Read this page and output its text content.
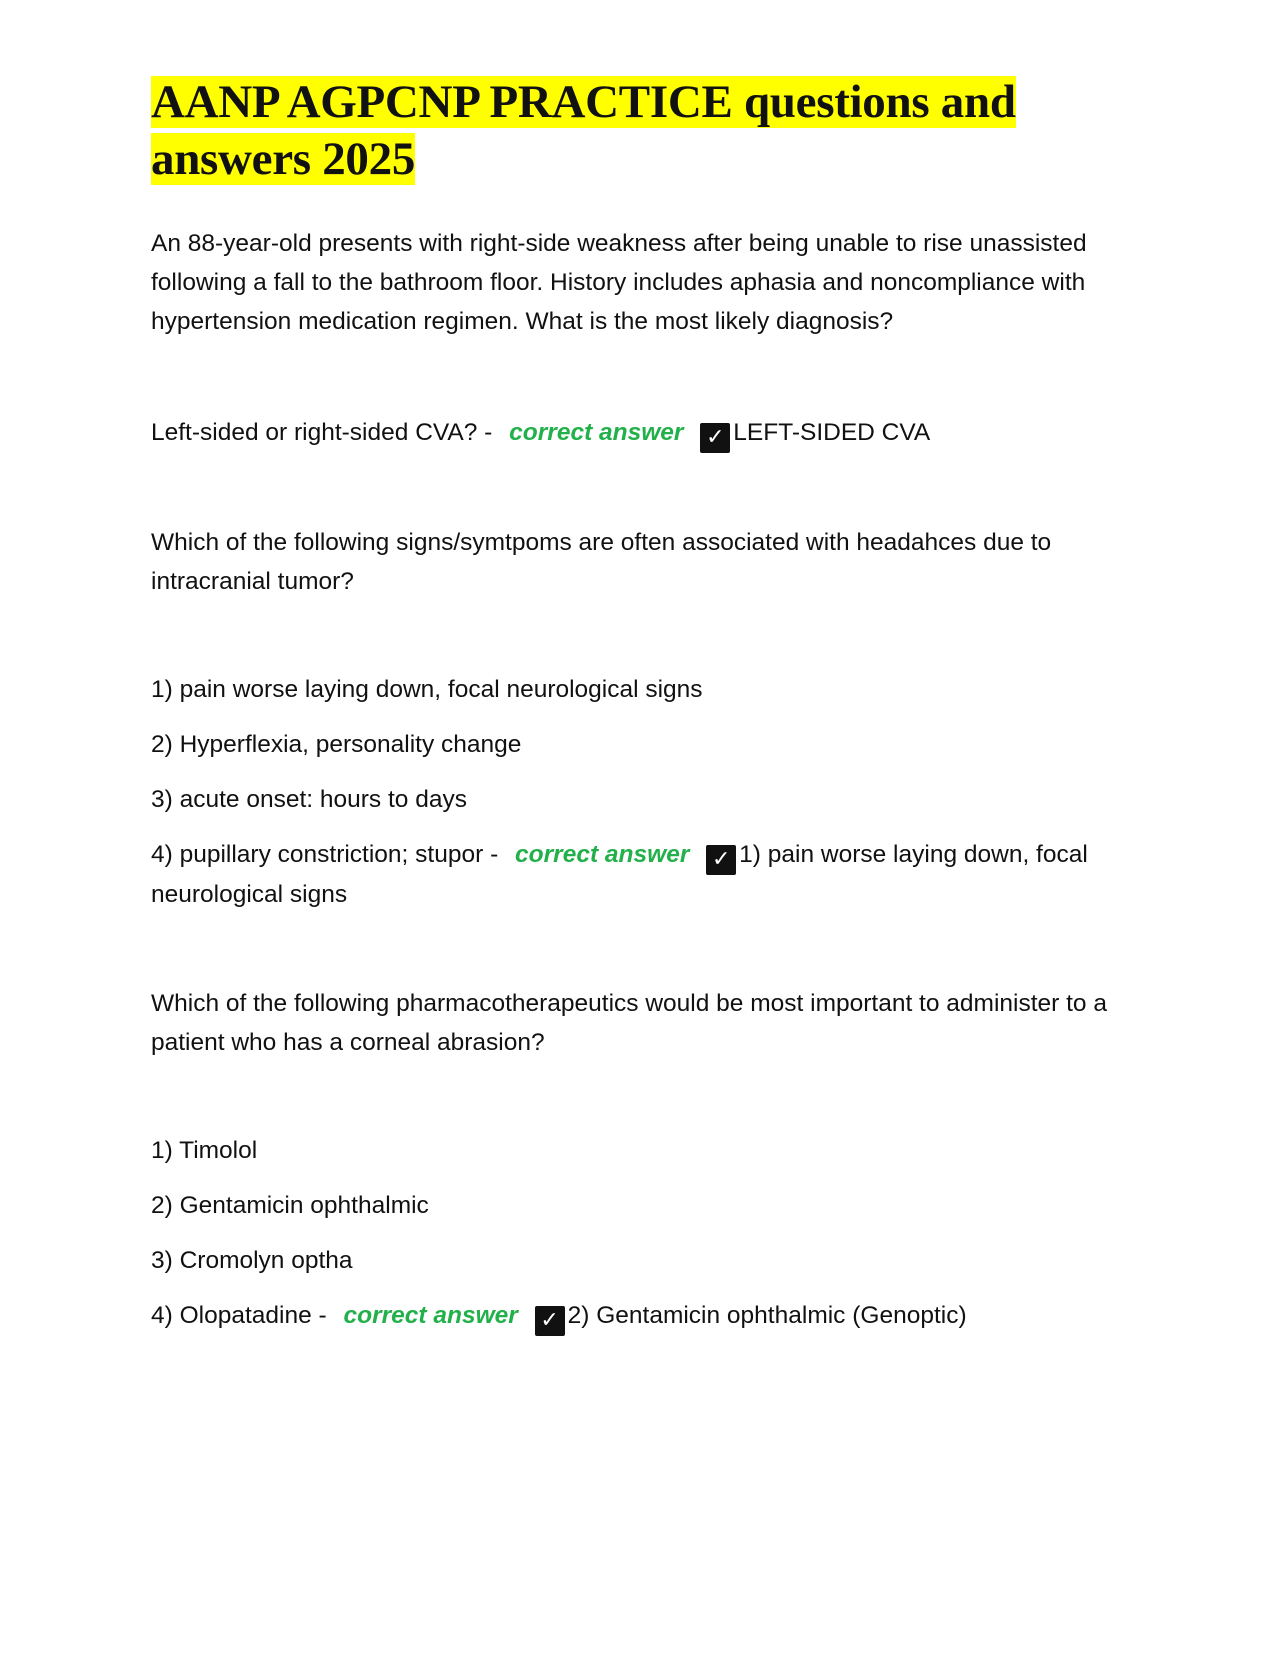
AANP AGPCNP PRACTICE questions and answers 2025

An 88-year-old presents with right-side weakness after being unable to rise unassisted following a fall to the bathroom floor. History includes aphasia and noncompliance with hypertension medication regimen. What is the most likely diagnosis?

Left-sided or right-sided CVA? - correct answer ✓ LEFT-SIDED CVA

Which of the following signs/symtpoms are often associated with headahces due to intracranial tumor?

1) pain worse laying down, focal neurological signs

2) Hyperflexia, personality change

3) acute onset: hours to days

4) pupillary constriction; stupor - correct answer ✓ 1) pain worse laying down, focal neurological signs

Which of the following pharmacotherapeutics would be most important to administer to a patient who has a corneal abrasion?

1) Timolol

2) Gentamicin ophthalmic

3) Cromolyn optha

4) Olopatadine - correct answer ✓ 2) Gentamicin ophthalmic (Genoptic)
